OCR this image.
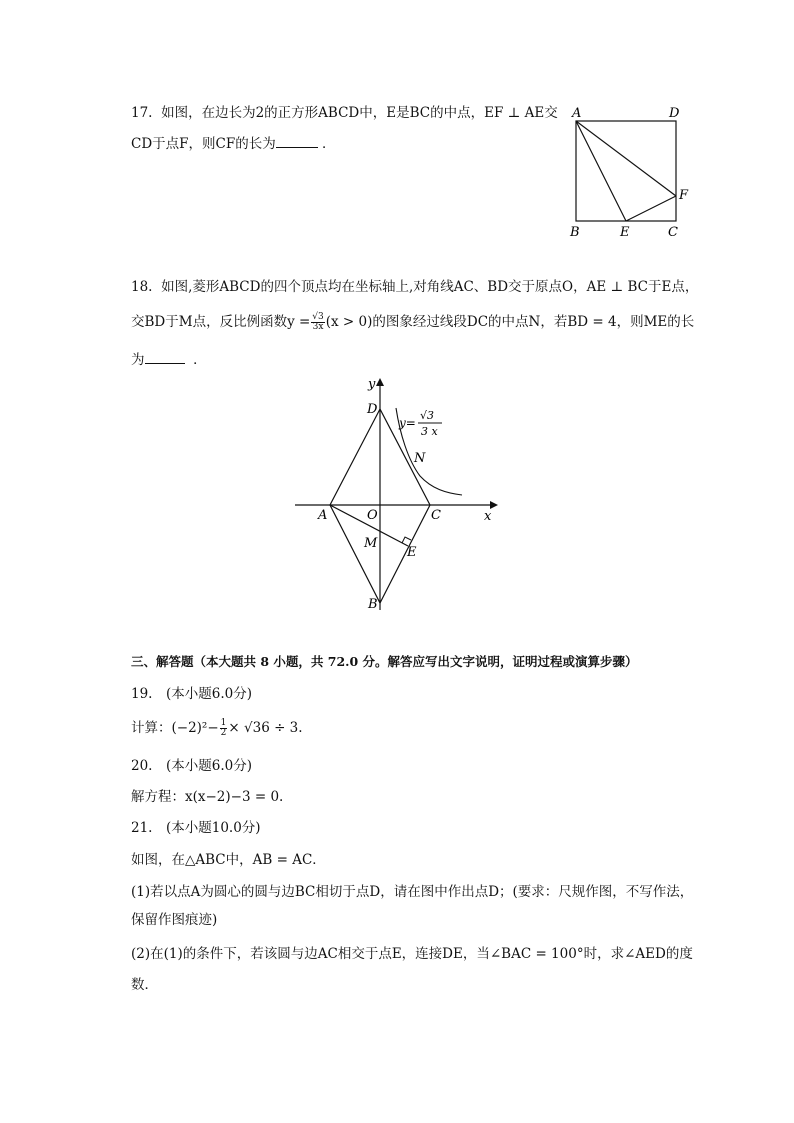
17. 如图，在边长为2的正方形ABCD中，E是BC的中点，EF ⊥ AE交
CD于点F，则CF的长为	．
A	D
F
B	E	C
18. 如图,菱形ABCD的四个顶点均在坐标轴上,对角线AC、BD交于原点O，AE ⊥ BC于E点，
交BD于M点，反比例函数$y = \frac{√3}{3x} (x > 0)$的图象经过线段DC的中点N，若BD = 4，则ME的长
为	．
y
x
D
N
A	O	C
M
E
B
y=
√3
3 x
三、解答题（本大题共 8 小题，共 72.0 分。解答应写出文字说明，证明过程或演算步骤）
19.　(本小题6.0分)
计算：$(-2)^2- \frac{1}{2} \times √36 \div 3$.
20.　(本小题6.0分)
解方程：x(x−2)−3 = 0.
21.　(本小题10.0分)
如图，在△ABC中，AB = AC．
(1)若以点A为圆心的圆与边BC相切于点D，请在图中作出点D；(要求：尺规作图，不写作法，
保留作图痕迹)
(2)在(1)的条件下，若该圆与边AC相交于点E，连接DE，当∠BAC = 100°时，求∠AED的度
数．
